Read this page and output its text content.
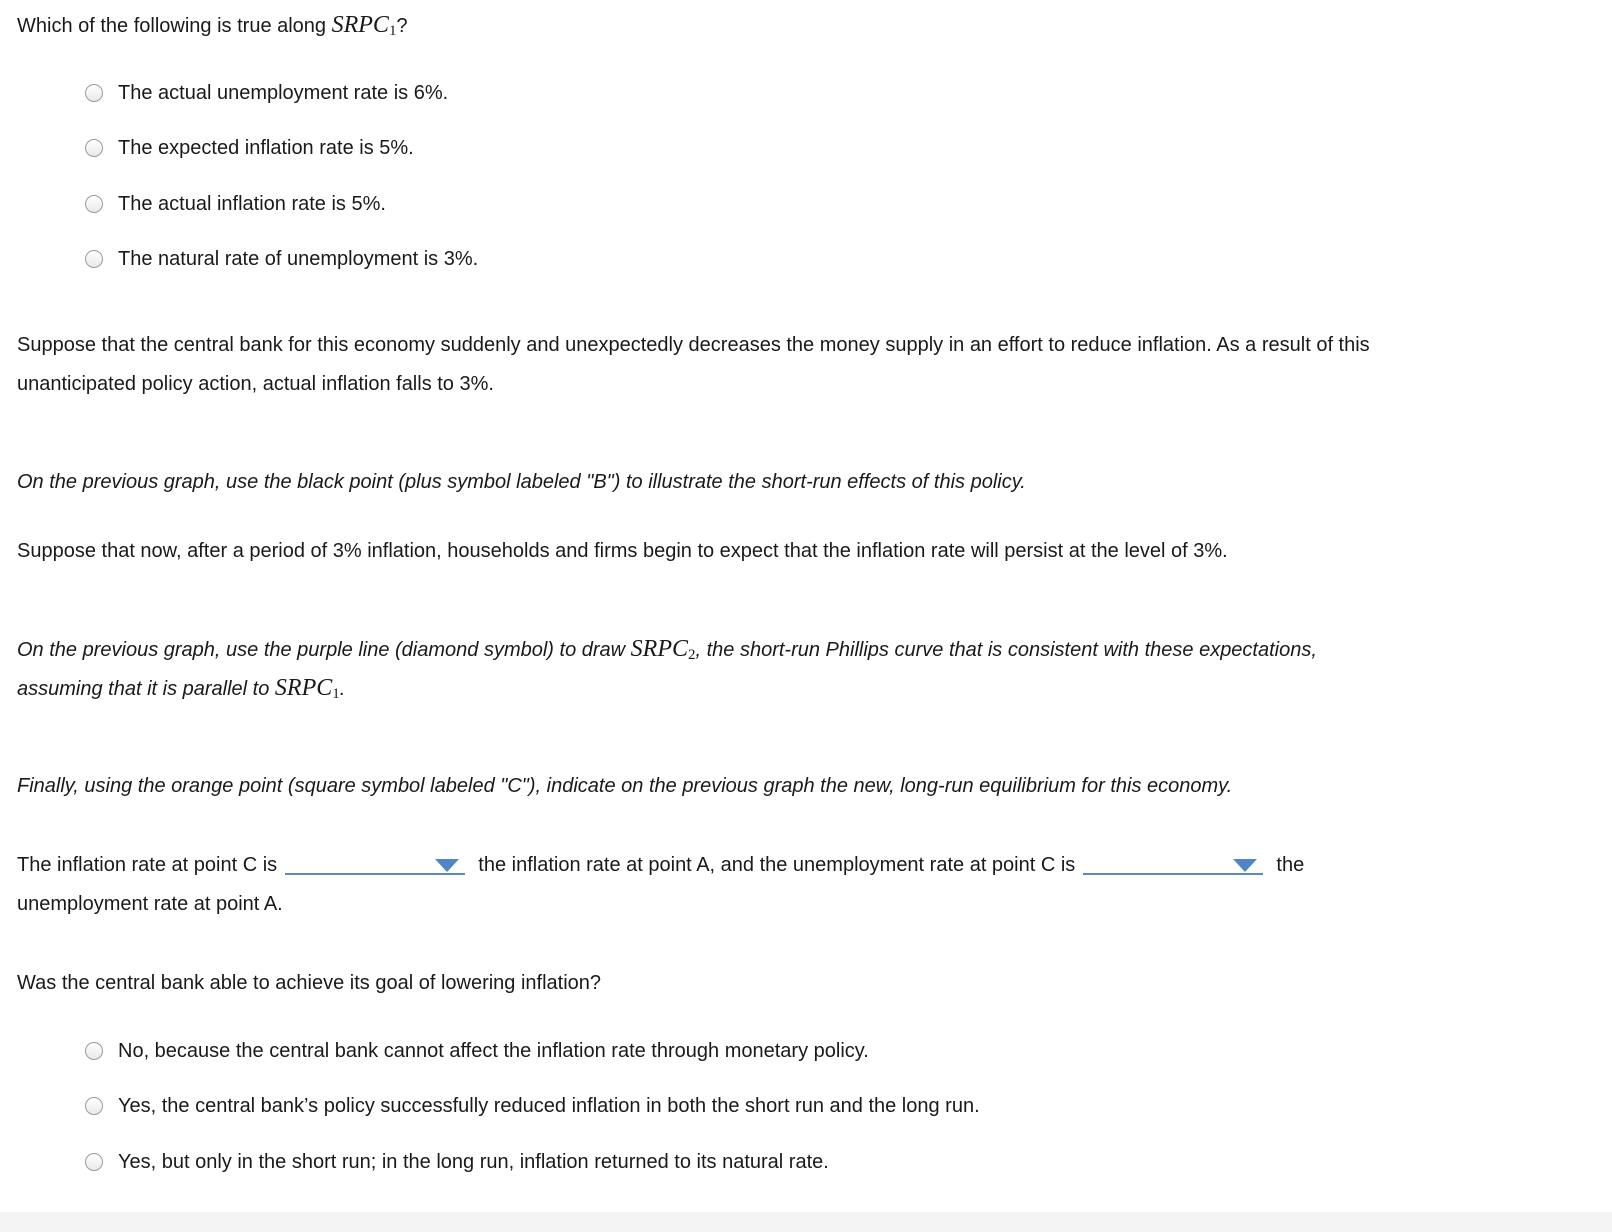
Which of the following is true along $SRPC_1$?
The actual unemployment rate is 6%.
The expected inflation rate is 5%.
The actual inflation rate is 5%.
The natural rate of unemployment is 3%.
Suppose that the central bank for this economy suddenly and unexpectedly decreases the money supply in an effort to reduce inflation. As a result of this
unanticipated policy action, actual inflation falls to 3%.
On the previous graph, use the black point (plus symbol labeled "B") to illustrate the short-run effects of this policy.
Suppose that now, after a period of 3% inflation, households and firms begin to expect that the inflation rate will persist at the level of 3%.
On the previous graph, use the purple line (diamond symbol) to draw $SRPC_2$, the short-run Phillips curve that is consistent with these expectations,
assuming that it is parallel to $SRPC_1$.
Finally, using the orange point (square symbol labeled "C"), indicate on the previous graph the new, long-run equilibrium for this economy.
The inflation rate at point C is	the inflation rate at point A, and the unemployment rate at point C is	the
unemployment rate at point A.
Was the central bank able to achieve its goal of lowering inflation?
No, because the central bank cannot affect the inflation rate through monetary policy.
Yes, the central bank’s policy successfully reduced inflation in both the short run and the long run.
Yes, but only in the short run; in the long run, inflation returned to its natural rate.
